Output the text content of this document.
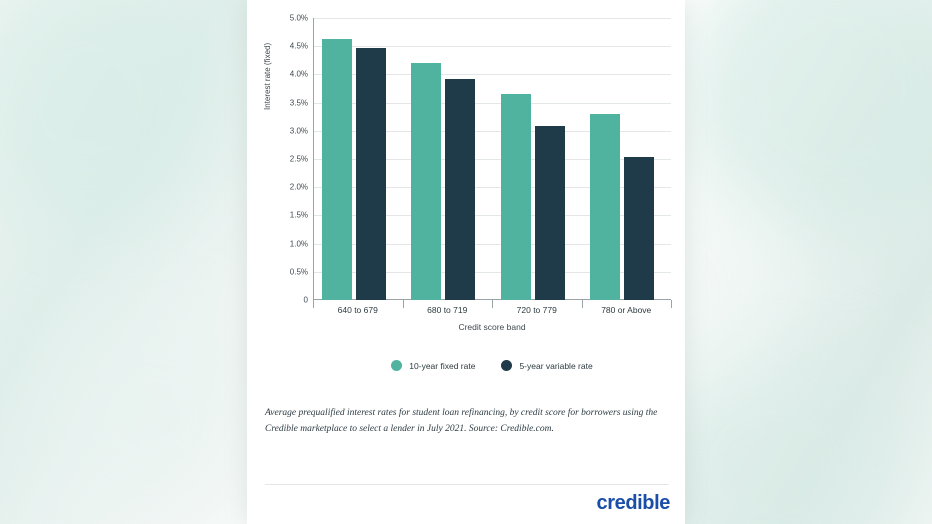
0
0.5%
1.0%
1.5%
2.0%
2.5%
3.0%
3.5%
4.0%
4.5%
5.0%
640 to 679	680 to 719	720 to 779	780 or Above
Credit score band
10-year fixed rate	5-year variable rate
Average prequalified interest rates for student loan refinancing, by credit score for borrowers using the Credible marketplace to select a lender in July 2021. Source: Credible.com.
credible
